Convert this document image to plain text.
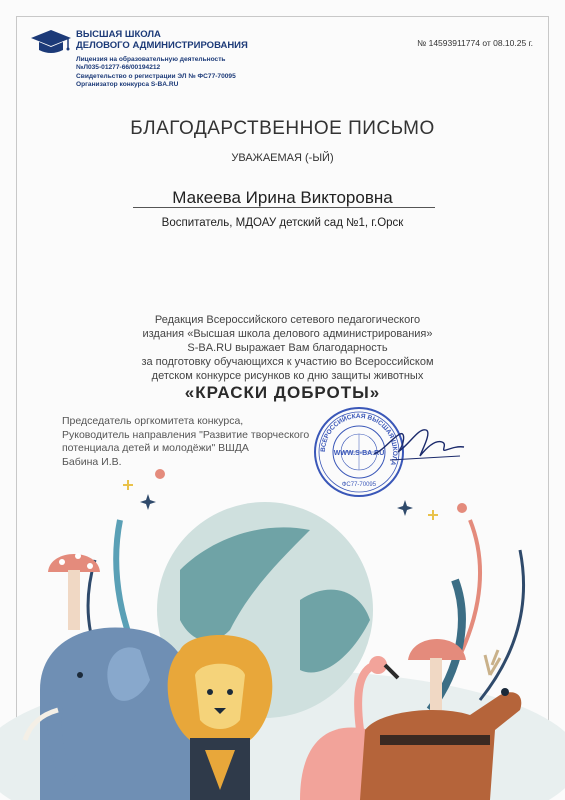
ВЫСШАЯ ШКОЛА
ДЕЛОВОГО АДМИНИСТРИРОВАНИЯ
Лицензия на образовательную деятельность
№Л035-01277-66/00194212
Свидетельство о регистрации ЭЛ № ФС77-70095
Организатор конкурса S-BA.RU
№ 14593911774 от 08.10.25 г.
БЛАГОДАРСТВЕННОЕ ПИСЬМО
УВАЖАЕМАЯ (-ЫЙ)
Макеева Ирина Викторовна
Воспитатель, МДОАУ детский сад №1, г.Орск
Редакция Всероссийского сетевого педагогического
издания «Высшая школа делового администрирования»
S-BA.RU выражает Вам благодарность
за подготовку обучающихся к участию во Всероссийском
детском конкурсе рисунков ко дню защиты животных
«КРАСКИ ДОБРОТЫ»
Председатель оргкомитета конкурса,
Руководитель направления "Развитие творческого
потенциала детей и молодёжи" ВШДА
Бабина И.В.
ВСЕРОССИЙСКАЯ ВЫСШАЯ ШКОЛА
WWW.S-BA.RU
ФС77-70095
